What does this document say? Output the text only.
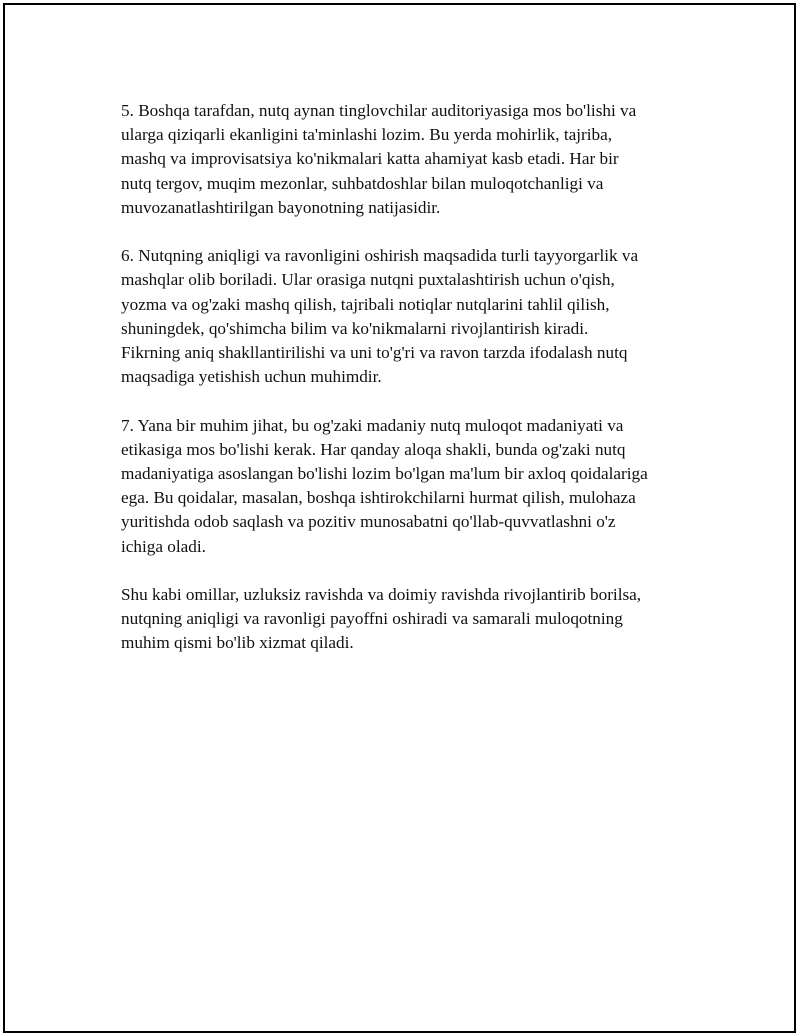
5. Boshqa tarafdan, nutq aynan tinglovchilar auditoriyasiga mos bo'lishi va
ularga qiziqarli ekanligini ta'minlashi lozim. Bu yerda mohirlik, tajriba,
mashq va improvisatsiya ko'nikmalari katta ahamiyat kasb etadi. Har bir
nutq tergov, muqim mezonlar, suhbatdoshlar bilan muloqotchanligi va
muvozanatlashtirilgan bayonotning natijasidir.

6. Nutqning aniqligi va ravonligini oshirish maqsadida turli tayyorgarlik va
mashqlar olib boriladi. Ular orasiga nutqni puxtalashtirish uchun o'qish,
yozma va og'zaki mashq qilish, tajribali notiqlar nutqlarini tahlil qilish,
shuningdek, qo'shimcha bilim va ko'nikmalarni rivojlantirish kiradi.
Fikrning aniq shakllantirilishi va uni to'g'ri va ravon tarzda ifodalash nutq
maqsadiga yetishish uchun muhimdir.

7. Yana bir muhim jihat, bu og'zaki madaniy nutq muloqot madaniyati va
etikasiga mos bo'lishi kerak. Har qanday aloqa shakli, bunda og'zaki nutq
madaniyatiga asoslangan bo'lishi lozim bo'lgan ma'lum bir axloq qoidalariga
ega. Bu qoidalar, masalan, boshqa ishtirokchilarni hurmat qilish, mulohaza
yuritishda odob saqlash va pozitiv munosabatni qo'llab-quvvatlashni o'z
ichiga oladi.

Shu kabi omillar, uzluksiz ravishda va doimiy ravishda rivojlantirib borilsa,
nutqning aniqligi va ravonligi payoffni oshiradi va samarali muloqotning
muhim qismi bo'lib xizmat qiladi.
